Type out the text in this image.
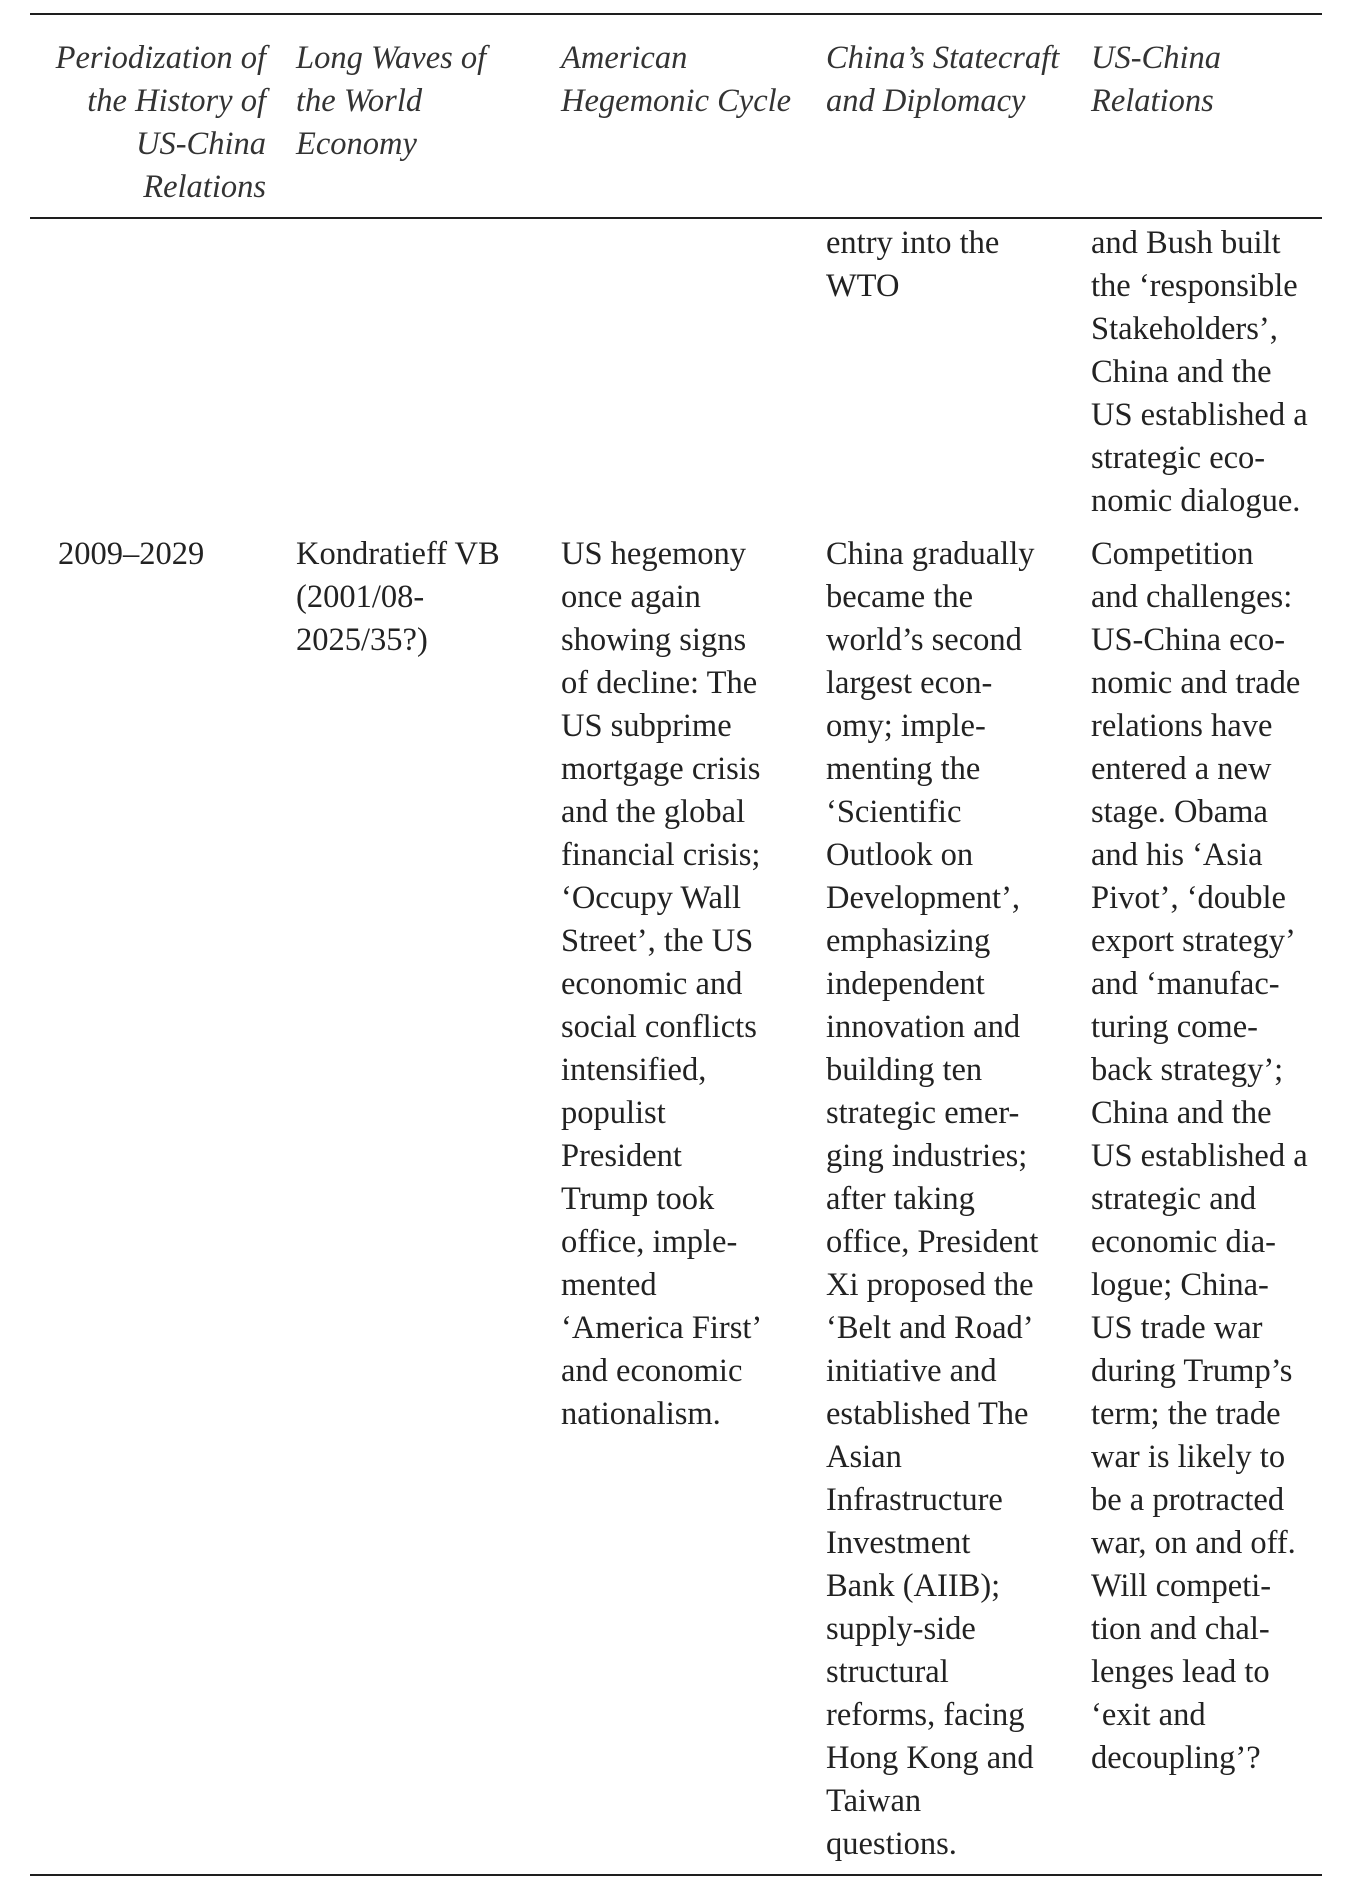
Periodization of
the History of
US-China
Relations
Long Waves of
the World
Economy
American
Hegemonic Cycle
China’s Statecraft
and Diplomacy
US-China
Relations
entry into the
WTO
and Bush built
the ‘responsible
Stakeholders’,
China and the
US established a
strategic eco-
nomic dialogue.
2009–2029	Kondratieff VB
(2001/08-
2025/35?)
US hegemony
once again
showing signs
of decline: The
US subprime
mortgage crisis
and the global
financial crisis;
‘Occupy Wall
Street’, the US
economic and
social conflicts
intensified,
populist
President
Trump took
office, imple-
mented
‘America First’
and economic
nationalism.
China gradually
became the
world’s second
largest econ-
omy; imple-
menting the
‘Scientific
Outlook on
Development’,
emphasizing
independent
innovation and
building ten
strategic emer-
ging industries;
after taking
office, President
Xi proposed the
‘Belt and Road’
initiative and
established The
Asian
Infrastructure
Investment
Bank (AIIB);
supply-side
structural
reforms, facing
Hong Kong and
Taiwan
questions.
Competition
and challenges:
US-China eco-
nomic and trade
relations have
entered a new
stage. Obama
and his ‘Asia
Pivot’, ‘double
export strategy’
and ‘manufac-
turing come-
back strategy’;
China and the
US established a
strategic and
economic dia-
logue; China-
US trade war
during Trump’s
term; the trade
war is likely to
be a protracted
war, on and off.
Will competi-
tion and chal-
lenges lead to
‘exit and
decoupling’?
